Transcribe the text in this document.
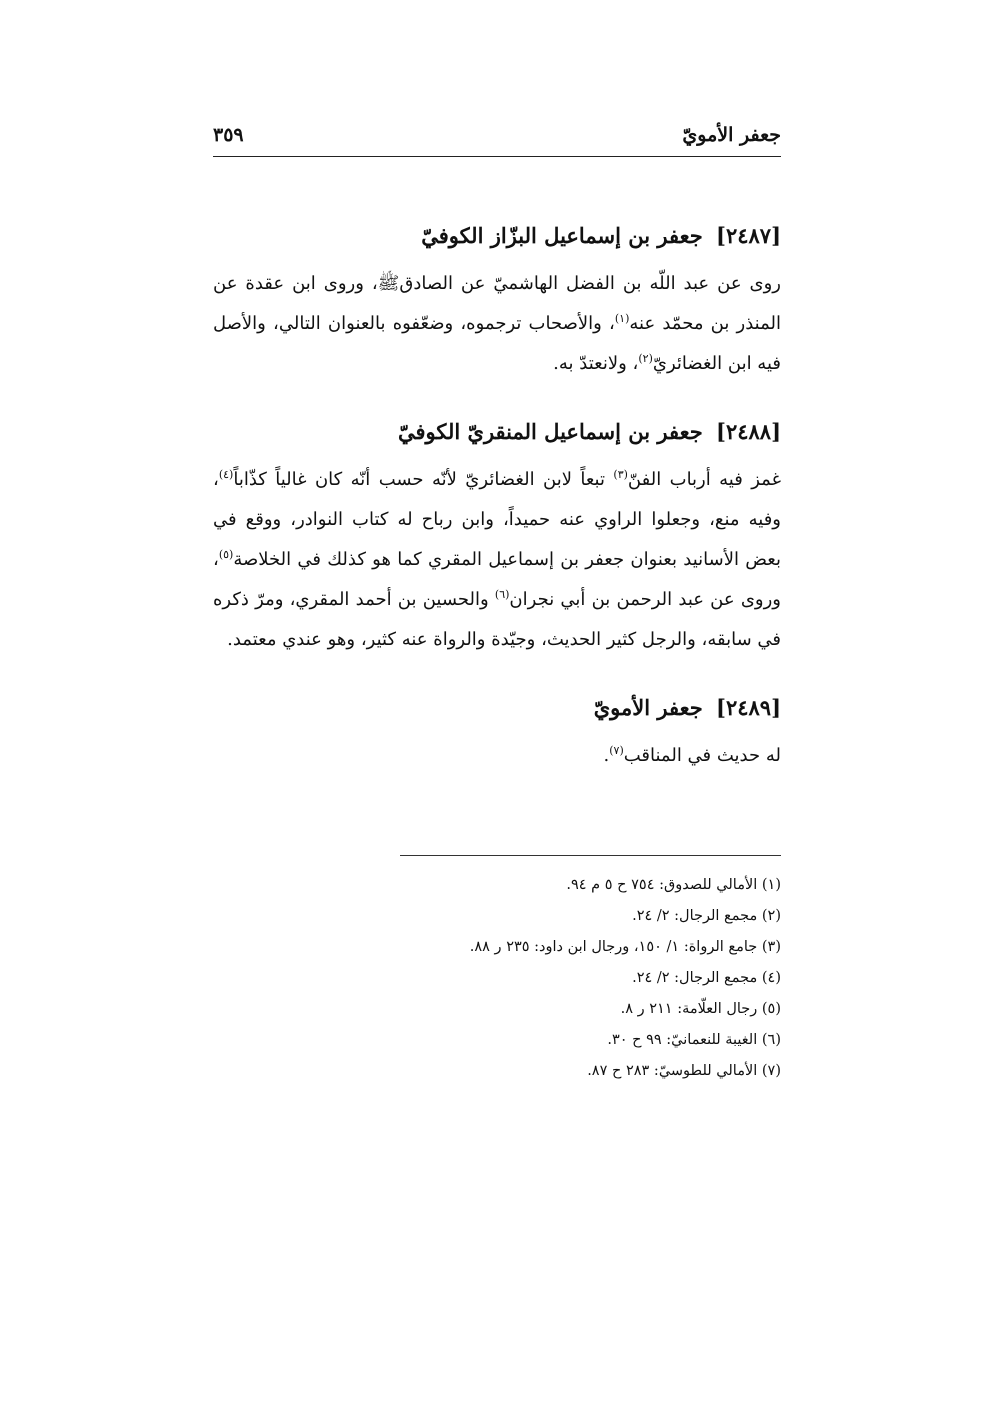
جعفر الأمويّ
٣٥٩
[٢٤٨٧] جعفر بن إسماعيل البزّاز الكوفيّ

روى عن عبد اللّه بن الفضل الهاشميّ عن الصادقﷺ، وروى ابن عقدة عن المنذر بن محمّد عنه$^{(١)}$، والأصحاب ترجموه، وضعّفوه بالعنوان التالي، والأصل فيه ابن الغضائريّ$^{(٢)}$، ولانعتدّ به.

[٢٤٨٨] جعفر بن إسماعيل المنقريّ الكوفيّ

غمز فيه أرباب الفنّ$^{(٣)}$ تبعاً لابن الغضائريّ لأنّه حسب أنّه كان غالياً كذّاباً$^{(٤)}$، وفيه منع، وجعلوا الراوي عنه حميداً، وابن رباح له كتاب النوادر، ووقع في بعض الأسانيد بعنوان جعفر بن إسماعيل المقري كما هو كذلك في الخلاصة$^{(٥)}$، وروى عن عبد الرحمن بن أبي نجران$^{(٦)}$ والحسين بن أحمد المقري، ومرّ ذكره في سابقه، والرجل كثير الحديث، وجيّدة والرواة عنه كثير، وهو عندي معتمد.

[٢٤٨٩] جعفر الأمويّ

له حديث في المناقب$^{(٧)}$.

(١) الأمالي للصدوق: ٧٥٤ ح ٥ م ٩٤.
(٢) مجمع الرجال: ٢/ ٢٤.
(٣) جامع الرواة: ١/ ١٥٠، ورجال ابن داود: ٢٣٥ ر ٨٨.
(٤) مجمع الرجال: ٢/ ٢٤.
(٥) رجال العلّامة: ٢١١ ر ٨.
(٦) الغيبة للنعمانيّ: ٩٩ ح ٣٠.
(٧) الأمالي للطوسيّ: ٢٨٣ ح ٨٧.
